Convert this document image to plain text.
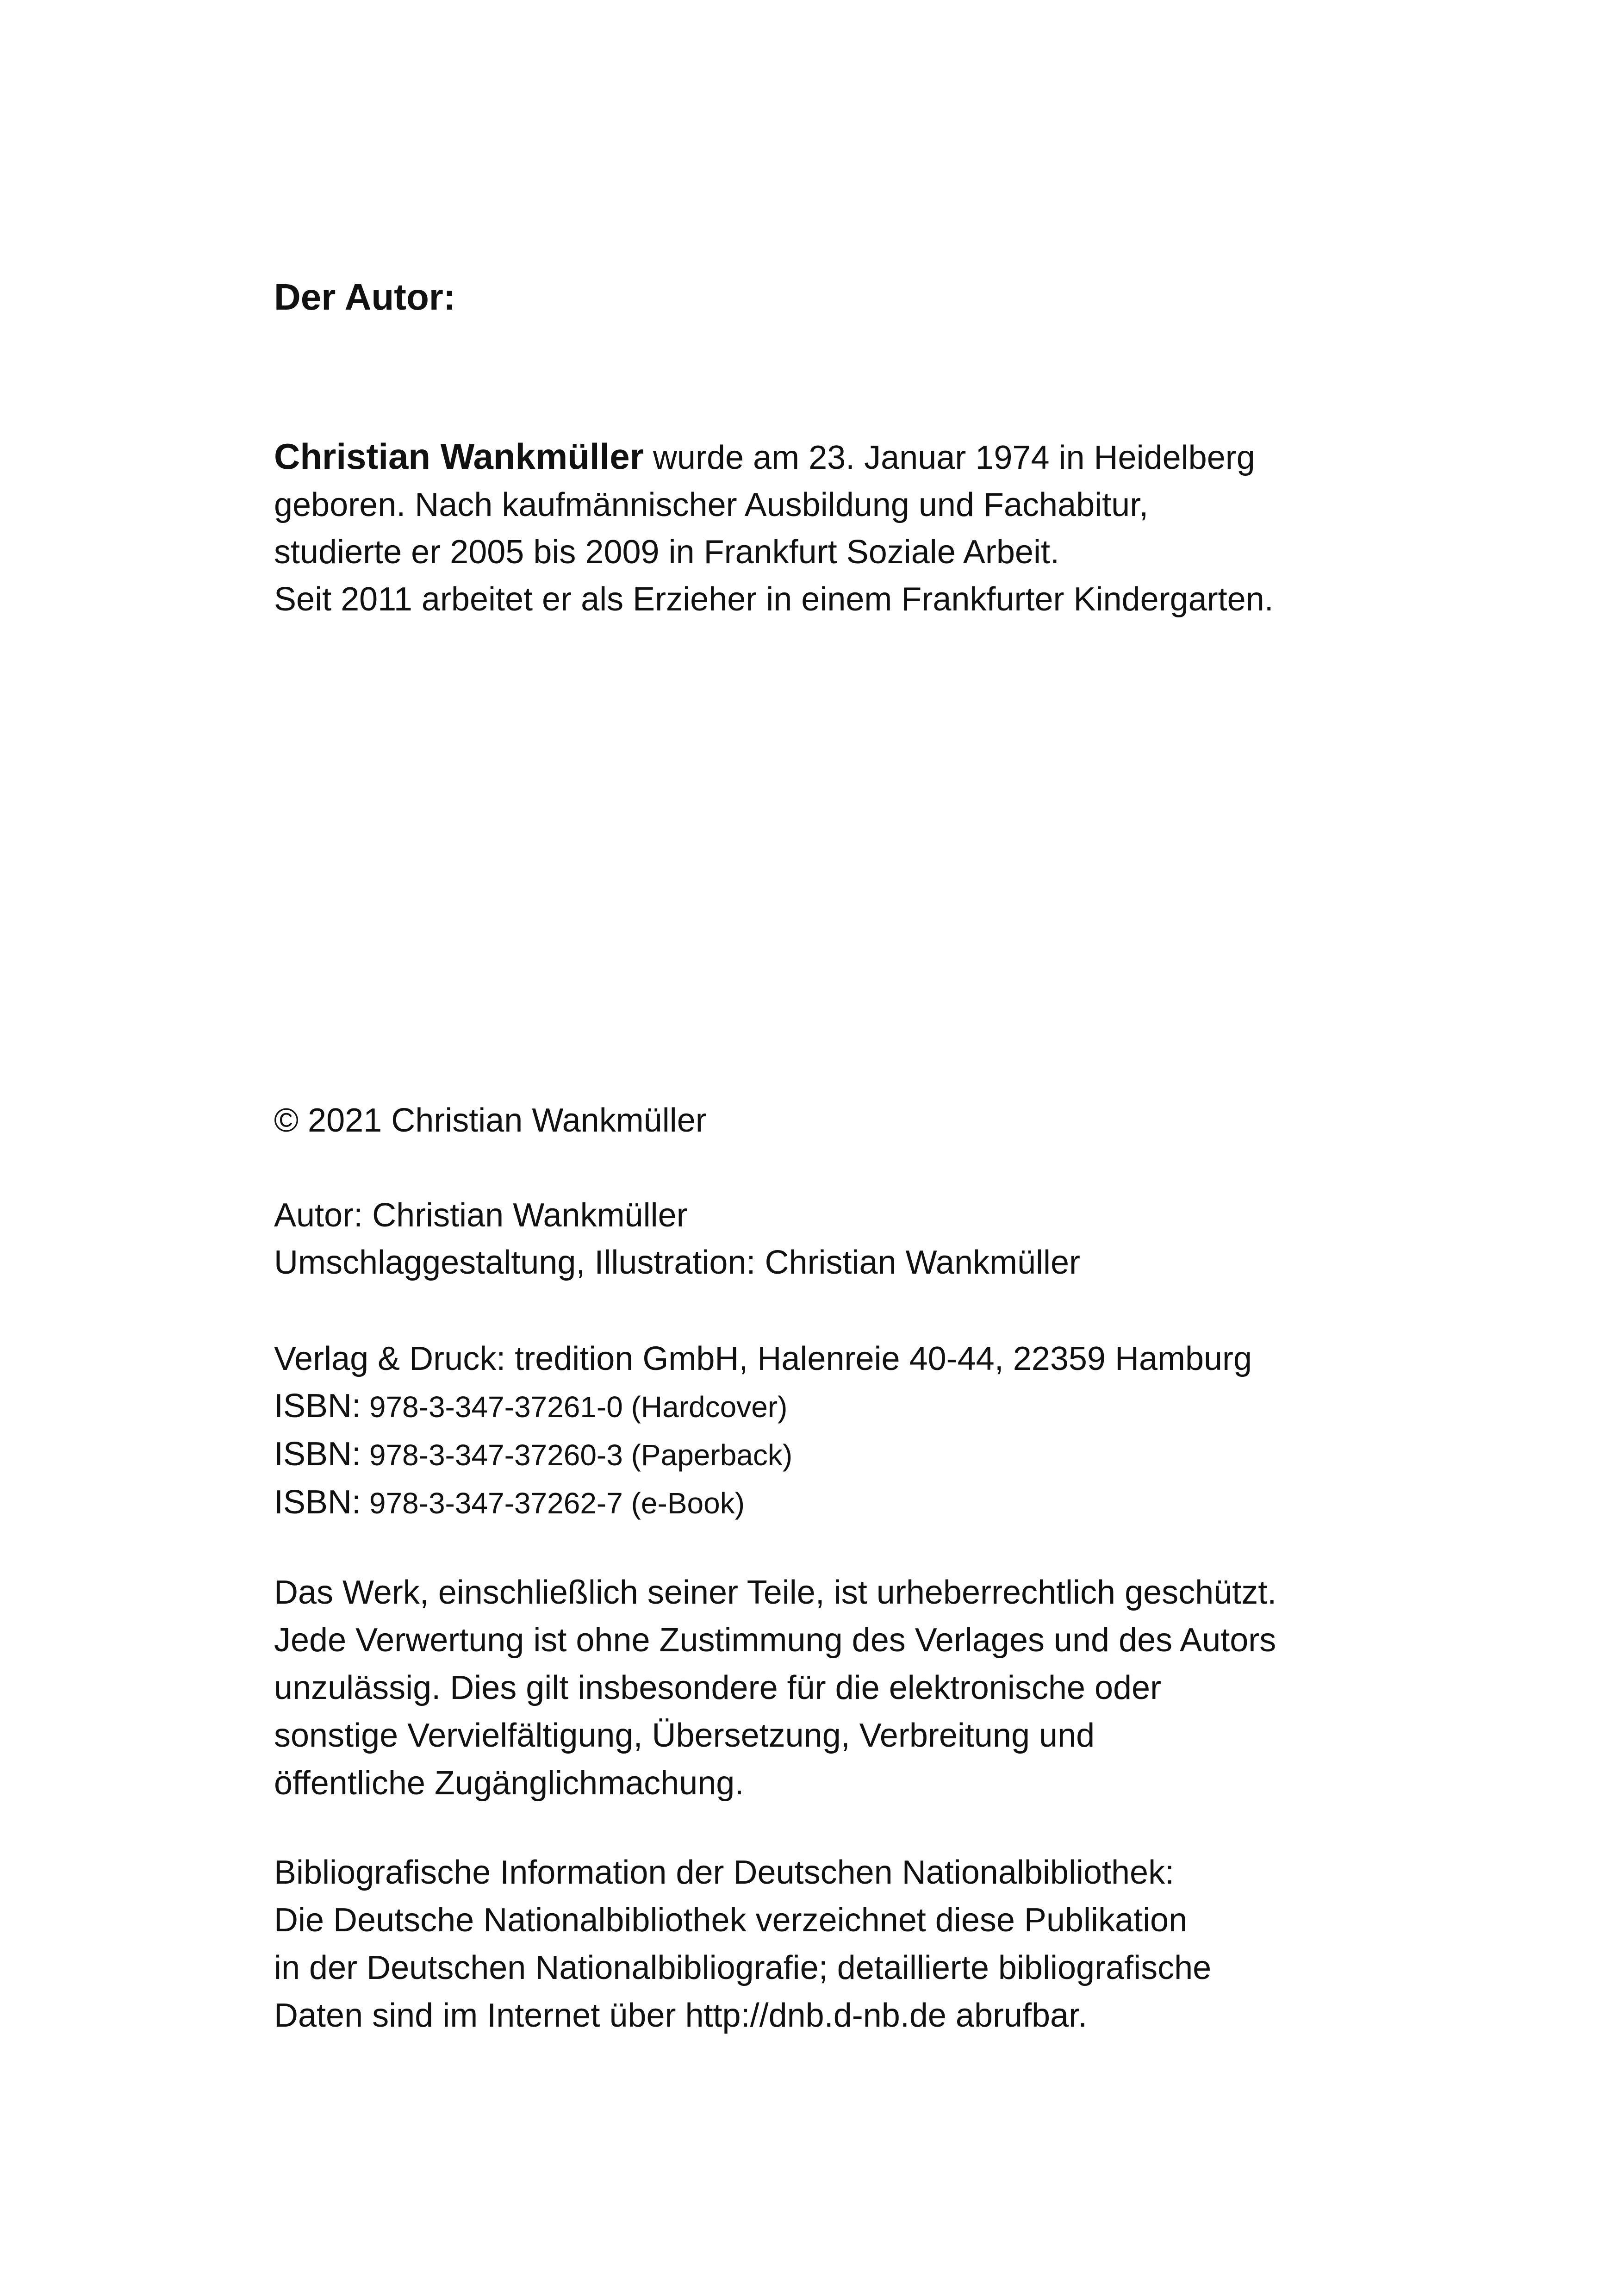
Der Autor:
Christian Wankmüller wurde am 23. Januar 1974 in Heidelberg
geboren. Nach kaufmännischer Ausbildung und Fachabitur,
studierte er 2005 bis 2009 in Frankfurt Soziale Arbeit.
Seit 2011 arbeitet er als Erzieher in einem Frankfurter Kindergarten.
© 2021 Christian Wankmüller
Autor: Christian Wankmüller
Umschlaggestaltung, Illustration: Christian Wankmüller
Verlag & Druck: tredition GmbH, Halenreie 40-44, 22359 Hamburg
ISBN: 978-3-347-37261-0 (Hardcover)
ISBN: 978-3-347-37260-3 (Paperback)
ISBN: 978-3-347-37262-7 (e-Book)
Das Werk, einschließlich seiner Teile, ist urheberrechtlich geschützt.
Jede Verwertung ist ohne Zustimmung des Verlages und des Autors
unzulässig. Dies gilt insbesondere für die elektronische oder
sonstige Vervielfältigung, Übersetzung, Verbreitung und
öffentliche Zugänglichmachung.
Bibliografische Information der Deutschen Nationalbibliothek:
Die Deutsche Nationalbibliothek verzeichnet diese Publikation
in der Deutschen Nationalbibliografie; detaillierte bibliografische
Daten sind im Internet über http://dnb.d-nb.de abrufbar.
